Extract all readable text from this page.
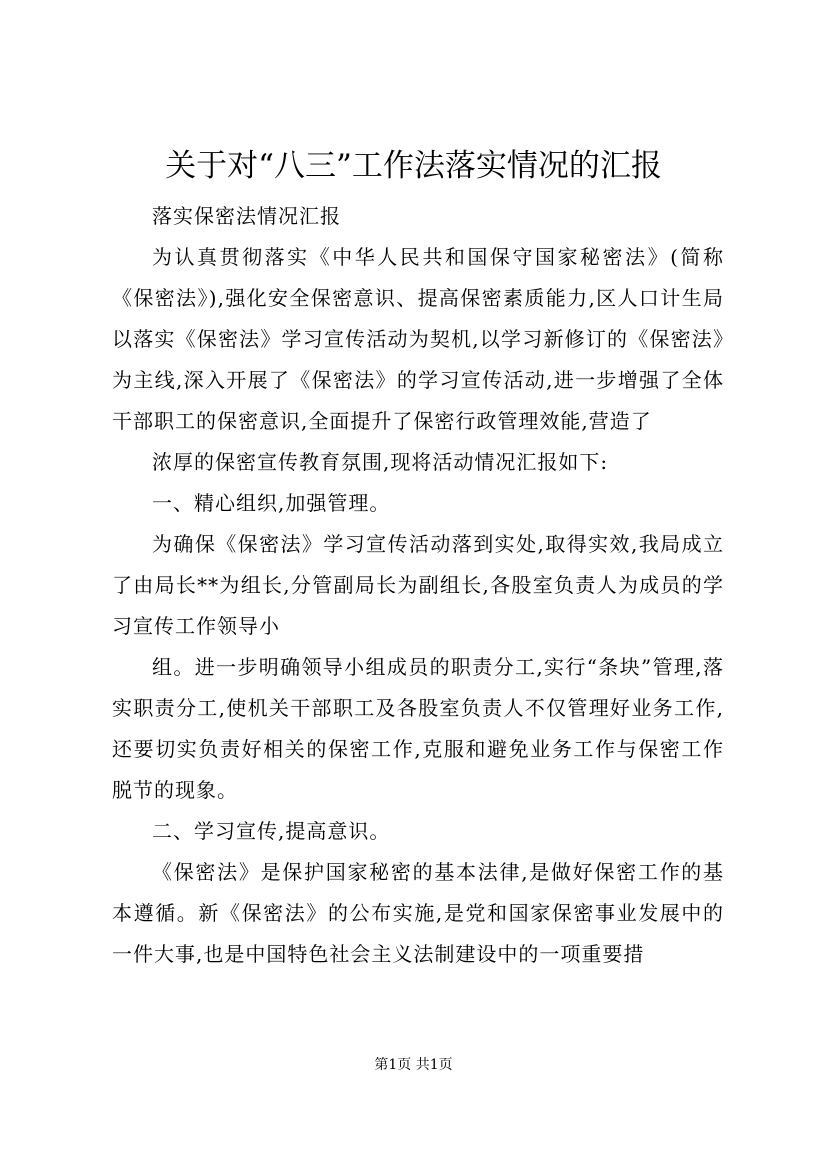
关于对“八三”工作法落实情况的汇报

落实保密法情况汇报

为认真贯彻落实《中华人民共和国保守国家秘密法》(简称《保密法》),强化安全保密意识、提高保密素质能力,区人口计生局以落实《保密法》学习宣传活动为契机,以学习新修订的《保密法》为主线,深入开展了《保密法》的学习宣传活动,进一步增强了全体干部职工的保密意识,全面提升了保密行政管理效能,营造了

浓厚的保密宣传教育氛围,现将活动情况汇报如下:

一、精心组织,加强管理。

为确保《保密法》学习宣传活动落到实处,取得实效,我局成立了由局长**为组长,分管副局长为副组长,各股室负责人为成员的学习宣传工作领导小

组。进一步明确领导小组成员的职责分工,实行“条块”管理,落实职责分工,使机关干部职工及各股室负责人不仅管理好业务工作,还要切实负责好相关的保密工作,克服和避免业务工作与保密工作脱节的现象。

二、学习宣传,提高意识。

《保密法》是保护国家秘密的基本法律,是做好保密工作的基本遵循。新《保密法》的公布实施,是党和国家保密事业发展中的一件大事,也是中国特色社会主义法制建设中的一项重要措

第1页 共1页
